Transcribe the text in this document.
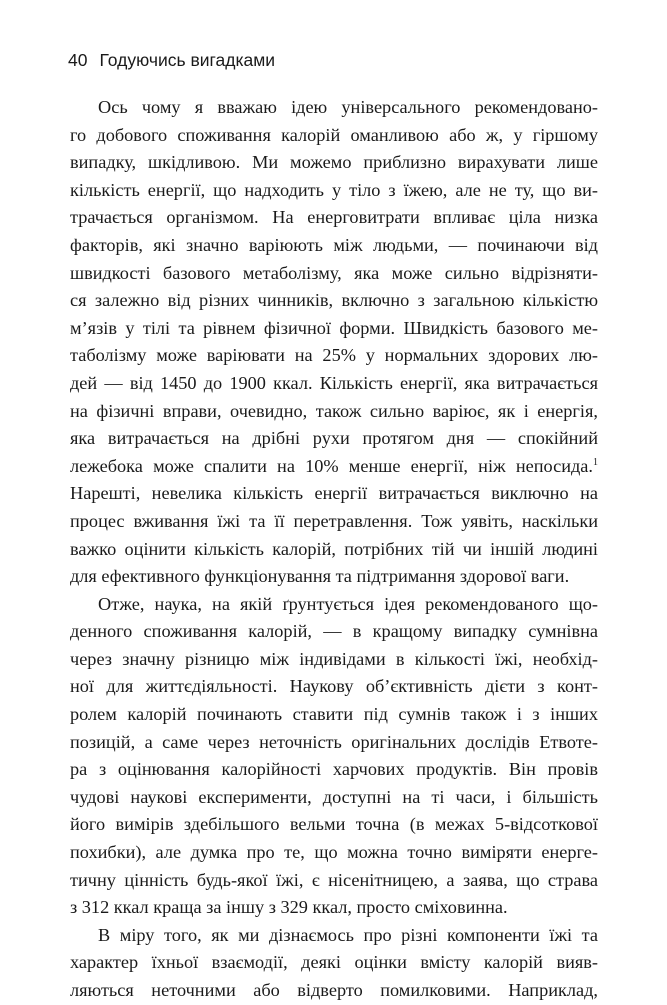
40 Годуючись вигадками
Ось чому я вважаю ідею універсального рекомендовано-
го добового споживання калорій оманливою або ж, у гіршому
випадку, шкідливою. Ми можемо приблизно вирахувати лише
кількість енергії, що надходить у тіло з їжею, але не ту, що ви-
трачається організмом. На енерговитрати впливає ціла низка
факторів, які значно варіюють між людьми, — починаючи від
швидкості базового метаболізму, яка може сильно відрізняти-
ся залежно від різних чинників, включно з загальною кількістю
м’язів у тілі та рівнем фізичної форми. Швидкість базового ме-
таболізму може варіювати на 25% у нормальних здорових лю-
дей — від 1450 до 1900 ккал. Кількість енергії, яка витрачається
на фізичні вправи, очевидно, також сильно варіює, як і енергія,
яка витрачається на дрібні рухи протягом дня — спокійний
лежебока може спалити на 10% менше енергії, ніж непосида.$^1$
Нарешті, невелика кількість енергії витрачається виключно на
процес вживання їжі та її перетравлення. Тож уявіть, наскільки
важко оцінити кількість калорій, потрібних тій чи іншій людині
для ефективного функціонування та підтримання здорової ваги.
Отже, наука, на якій ґрунтується ідея рекомендованого що-
денного споживання калорій, — в кращому випадку сумнівна
через значну різницю між індивідами в кількості їжі, необхід-
ної для життєдіяльності. Наукову об’єктивність дієти з конт-
ролем калорій починають ставити під сумнів також і з інших
позицій, а саме через неточність оригінальних дослідів Етвоте-
ра з оцінювання калорійності харчових продуктів. Він провів
чудові наукові експерименти, доступні на ті часи, і більшість
його вимірів здебільшого вельми точна (в межах 5-відсоткової
похибки), але думка про те, що можна точно виміряти енерге-
тичну цінність будь-якої їжі, є нісенітницею, а заява, що страва
з 312 ккал краща за іншу з 329 ккал, просто сміховинна.
В міру того, як ми дізнаємось про різні компоненти їжі та
характер їхньої взаємодії, деякі оцінки вмісту калорій вияв-
ляються неточними або відверто помилковими. Наприклад,
